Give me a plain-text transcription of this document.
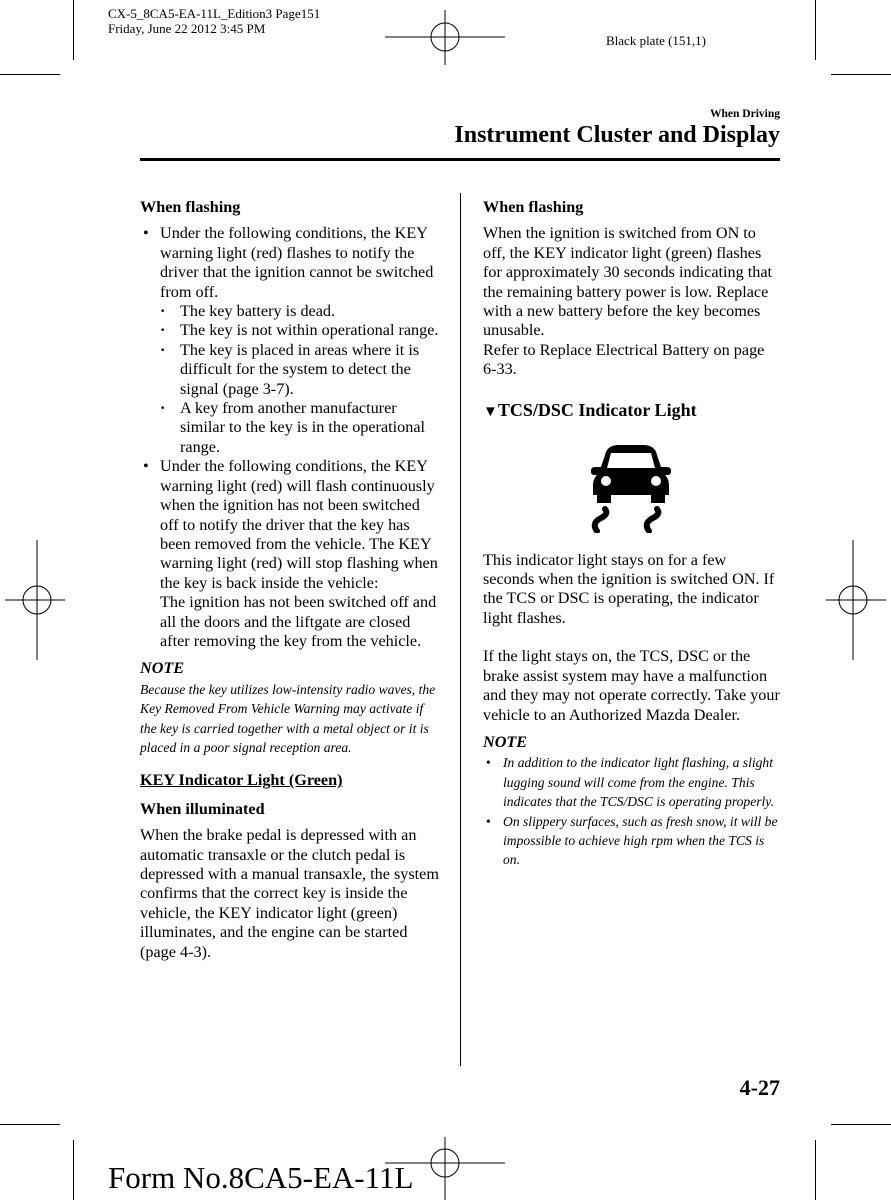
CX-5_8CA5-EA-11L_Edition3 Page151
Friday, June 22 2012 3:45 PM
Black plate (151,1)
When Driving
Instrument Cluster and Display

When flashing

• Under the following conditions, the KEY warning light (red) flashes to notify the driver that the ignition cannot be switched from off.

· The key battery is dead.

· The key is not within operational range.

· The key is placed in areas where it is difficult for the system to detect the signal (page 3-7).

· A key from another manufacturer similar to the key is in the operational range.

• Under the following conditions, the KEY warning light (red) will flash continuously when the ignition has not been switched off to notify the driver that the key has been removed from the vehicle. The KEY warning light (red) will stop flashing when the key is back inside the vehicle:

The ignition has not been switched off and all the doors and the liftgate are closed after removing the key from the vehicle.

NOTE

Because the key utilizes low-intensity radio waves, the Key Removed From Vehicle Warning may activate if the key is carried together with a metal object or it is placed in a poor signal reception area.

KEY Indicator Light (Green)

When illuminated

When the brake pedal is depressed with an automatic transaxle or the clutch pedal is depressed with a manual transaxle, the system confirms that the correct key is inside the vehicle, the KEY indicator light (green) illuminates, and the engine can be started (page 4-3).

When flashing

When the ignition is switched from ON to off, the KEY indicator light (green) flashes for approximately 30 seconds indicating that the remaining battery power is low. Replace with a new battery before the key becomes unusable.

Refer to Replace Electrical Battery on page 6-33.

▼TCS/DSC Indicator Light

This indicator light stays on for a few seconds when the ignition is switched ON. If the TCS or DSC is operating, the indicator light flashes.

If the light stays on, the TCS, DSC or the brake assist system may have a malfunction and they may not operate correctly. Take your vehicle to an Authorized Mazda Dealer.

NOTE

• In addition to the indicator light flashing, a slight lugging sound will come from the engine. This indicates that the TCS/DSC is operating properly.

• On slippery surfaces, such as fresh snow, it will be impossible to achieve high rpm when the TCS is on.

4-27
Form No.8CA5-EA-11L
